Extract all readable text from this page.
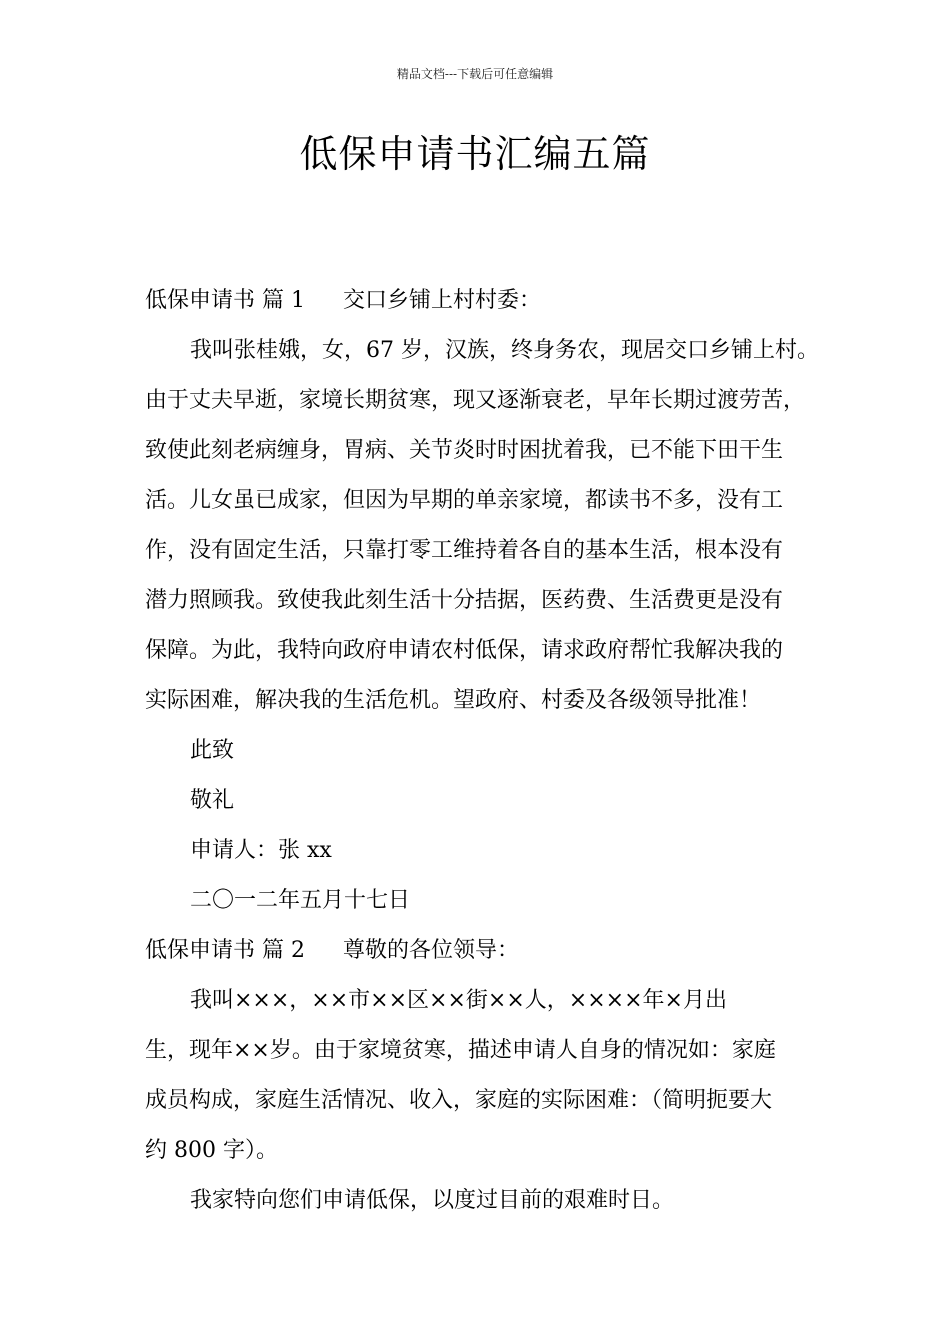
精品文档---下载后可任意编辑
低保申请书汇编五篇
低保申请书 篇 1 交口乡铺上村村委：
我叫张桂娥，女，67 岁，汉族，终身务农，现居交口乡铺上村。
由于丈夫早逝，家境长期贫寒，现又逐渐衰老，早年长期过渡劳苦，
致使此刻老病缠身，胃病、关节炎时时困扰着我，已不能下田干生
活。儿女虽已成家，但因为早期的单亲家境，都读书不多，没有工
作，没有固定生活，只靠打零工维持着各自的基本生活，根本没有
潜力照顾我。致使我此刻生活十分拮据，医药费、生活费更是没有
保障。为此，我特向政府申请农村低保，请求政府帮忙我解决我的
实际困难，解决我的生活危机。望政府、村委及各级领导批准！
此致
敬礼
申请人：张 xx
二〇一二年五月十七日
低保申请书 篇 2 尊敬的各位领导：
我叫×××，××市××区××街××人，××××年×月出
生，现年××岁。由于家境贫寒，描述申请人自身的情况如：家庭
成员构成，家庭生活情况、收入，家庭的实际困难：（简明扼要大
约 800 字）。
我家特向您们申请低保，以度过目前的艰难时日。
